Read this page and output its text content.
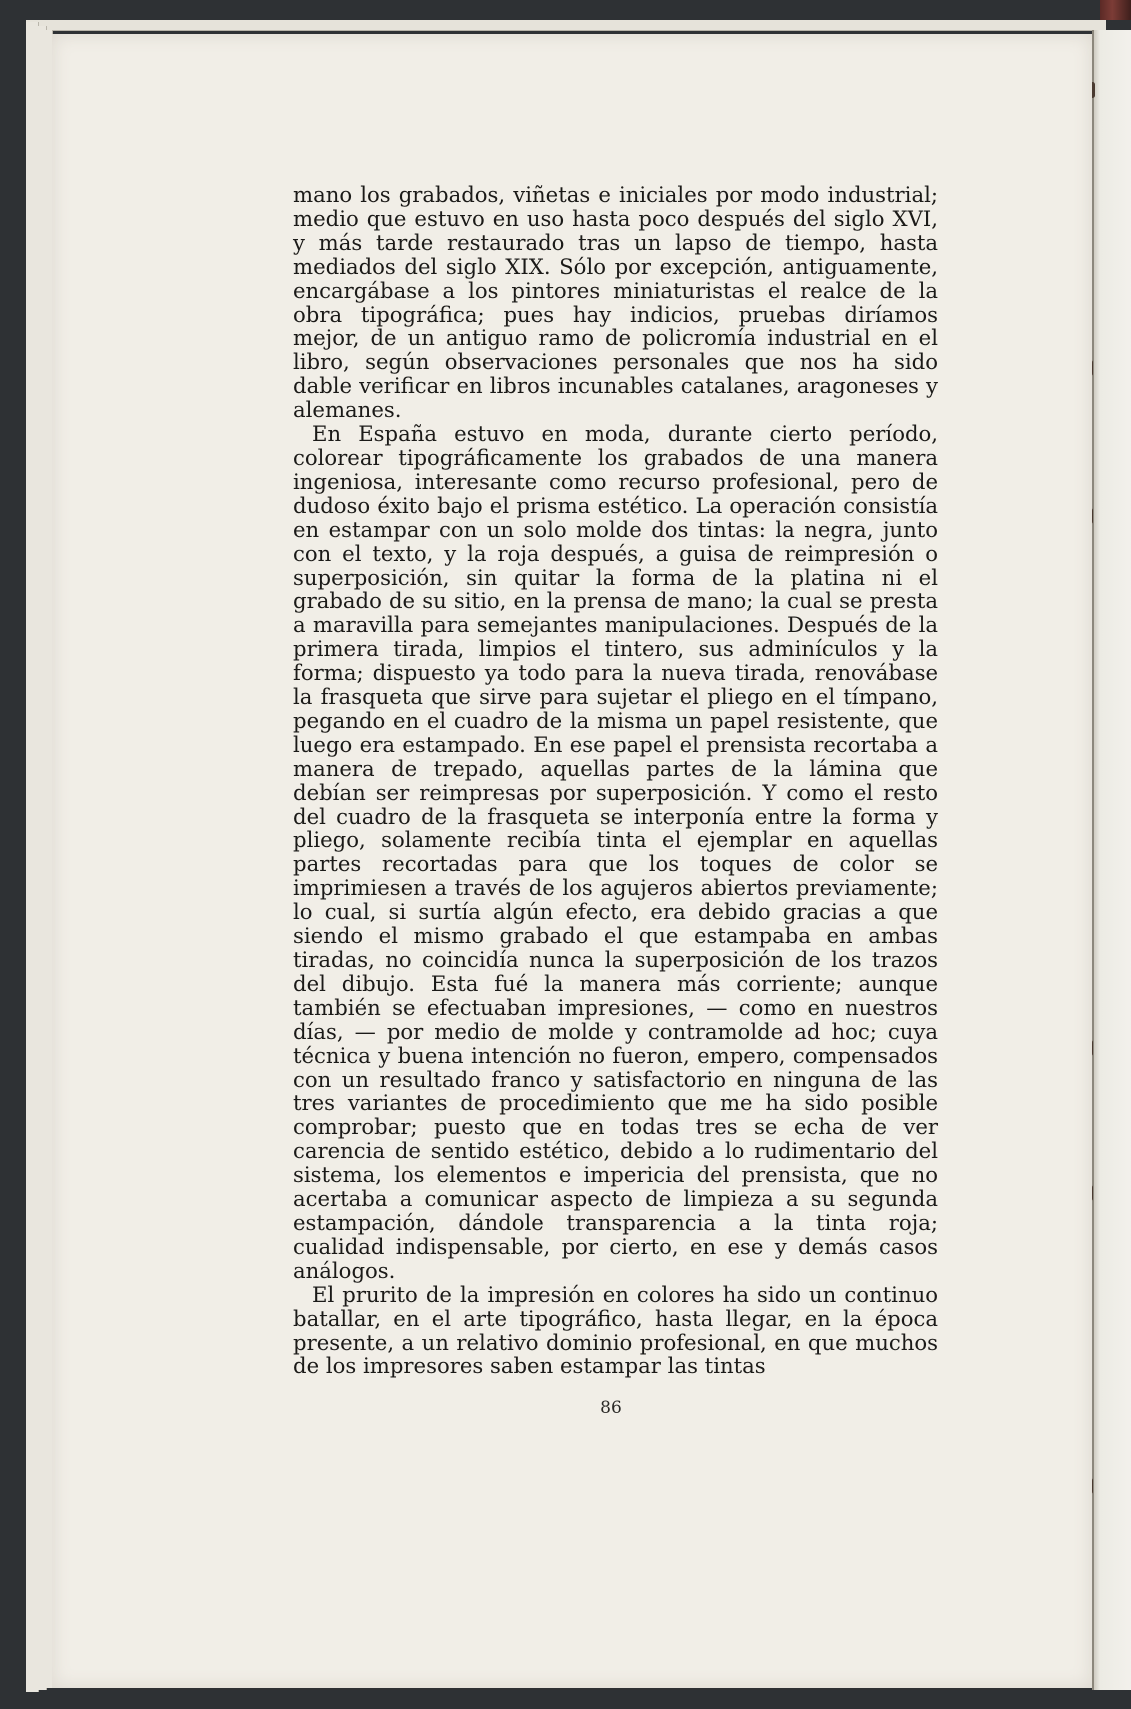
mano los grabados, viñetas e iniciales por modo industrial; medio que estuvo en uso hasta poco después del siglo XVI, y más tarde restaurado tras un lapso de tiempo, hasta mediados del siglo XIX. Sólo por excepción, antiguamente, encargábase a los pintores miniaturistas el realce de la obra tipográfica; pues hay indicios, pruebas diríamos mejor, de un antiguo ramo de policromía industrial en el libro, según observaciones personales que nos ha sido dable verificar en libros incunables catalanes, aragoneses y alemanes.

En España estuvo en moda, durante cierto período, colorear tipográficamente los grabados de una manera ingeniosa, interesante como recurso profesional, pero de dudoso éxito bajo el prisma estético. La operación consistía en estampar con un solo molde dos tintas: la negra, junto con el texto, y la roja después, a guisa de reimpresión o superposición, sin quitar la forma de la platina ni el grabado de su sitio, en la prensa de mano; la cual se presta a maravilla para semejantes manipulaciones. Después de la primera tirada, limpios el tintero, sus adminículos y la forma; dispuesto ya todo para la nueva tirada, renovábase la frasqueta que sirve para sujetar el pliego en el tímpano, pegando en el cuadro de la misma un papel resistente, que luego era estampado. En ese papel el prensista recortaba a manera de trepado, aquellas partes de la lámina que debían ser reimpresas por superposición. Y como el resto del cuadro de la frasqueta se interponía entre la forma y pliego, solamente recibía tinta el ejemplar en aquellas partes recortadas para que los toques de color se imprimiesen a través de los agujeros abiertos previamente; lo cual, si surtía algún efecto, era debido gracias a que siendo el mismo grabado el que estampaba en ambas tiradas, no coincidía nunca la superposición de los trazos del dibujo. Esta fué la manera más corriente; aunque también se efectuaban impresiones, — como en nuestros días, — por medio de molde y contramolde ad hoc; cuya técnica y buena intención no fueron, empero, compensados con un resultado franco y satisfactorio en ninguna de las tres variantes de procedimiento que me ha sido posible comprobar; puesto que en todas tres se echa de ver carencia de sentido estético, debido a lo rudimentario del sistema, los elementos e impericia del prensista, que no acertaba a comunicar aspecto de limpieza a su segunda estampación, dándole transparencia a la tinta roja; cualidad indispensable, por cierto, en ese y demás casos análogos.

El prurito de la impresión en colores ha sido un continuo batallar, en el arte tipográfico, hasta llegar, en la época presente, a un relativo dominio profesional, en que muchos de los impresores saben estampar las tintas

86
